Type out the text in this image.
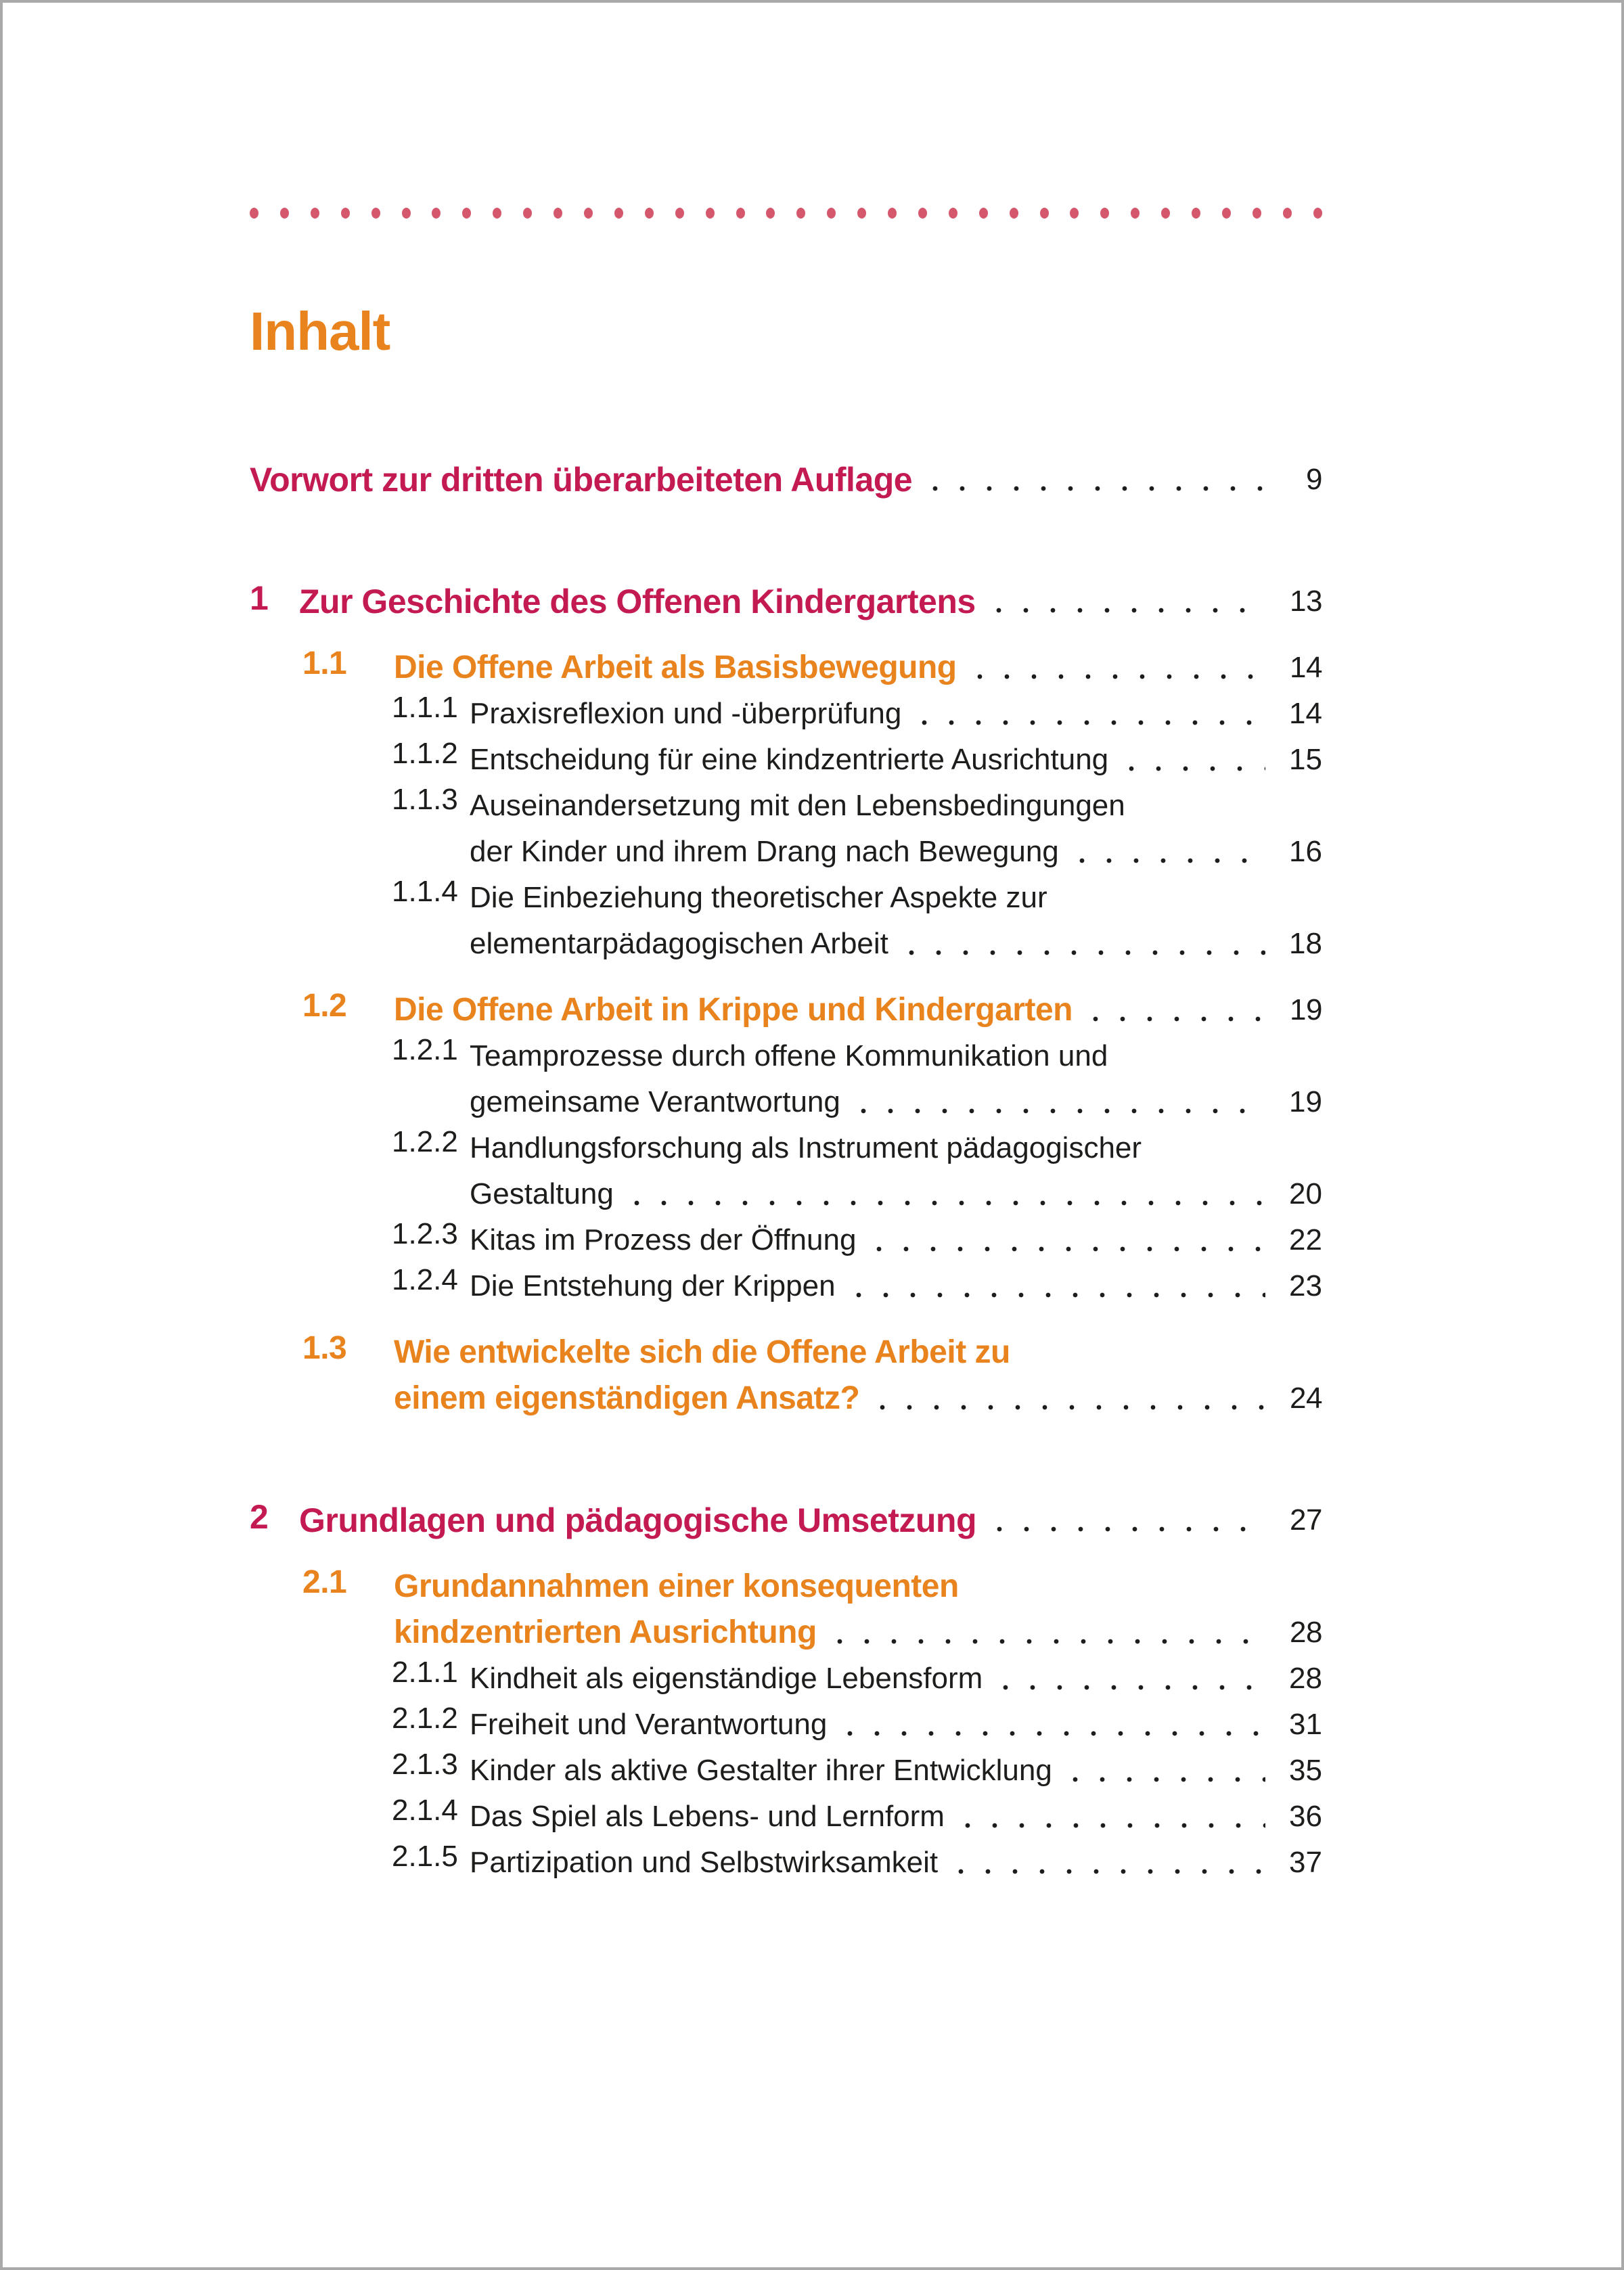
Inhalt
Vorwort zur dritten überarbeiteten Auflage	9
1 Zur Geschichte des Offenen Kindergartens	13
1.1	Die Offene Arbeit als Basisbewegung	14
1.1.1 Praxisreflexion und -überprüfung	14
1.1.2 Entscheidung für eine kindzentrierte Ausrichtung	15
1.1.3 Auseinandersetzung mit den Lebensbedingungen
der Kinder und ihrem Drang nach Bewegung	16
1.1.4 Die Einbeziehung theoretischer Aspekte zur
elementarpädagogischen Arbeit	18
1.2	Die Offene Arbeit in Krippe und Kindergarten	19
1.2.1 Teamprozesse durch offene Kommunikation und
gemeinsame Verantwortung	19
1.2.2 Handlungsforschung als Instrument pädagogischer
Gestaltung	20
1.2.3 Kitas im Prozess der Öffnung	22
1.2.4 Die Entstehung der Krippen	23
1.3	Wie entwickelte sich die Offene Arbeit zu
einem eigenständigen Ansatz?	24
2 Grundlagen und pädagogische Umsetzung	27
2.1	Grundannahmen einer konsequenten
kindzentrierten Ausrichtung	28
2.1.1 Kindheit als eigenständige Lebensform	28
2.1.2 Freiheit und Verantwortung	31
2.1.3 Kinder als aktive Gestalter ihrer Entwicklung	35
2.1.4 Das Spiel als Lebens- und Lernform	36
2.1.5 Partizipation und Selbstwirksamkeit	37
